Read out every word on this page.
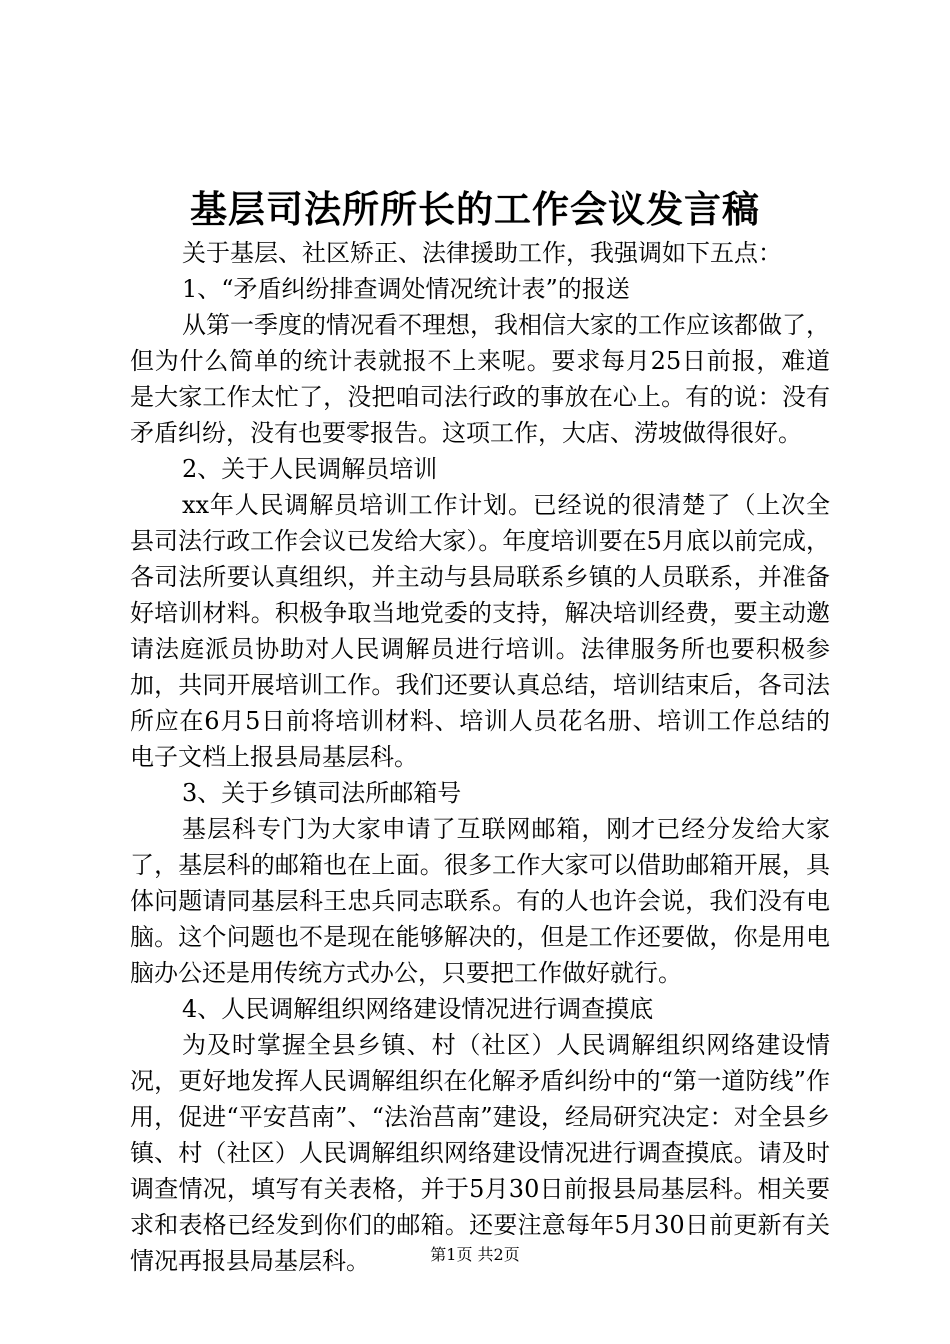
基层司法所所长的工作会议发言稿

关于基层、社区矫正、法律援助工作，我强调如下五点：

1、“矛盾纠纷排查调处情况统计表”的报送

从第一季度的情况看不理想，我相信大家的工作应该都做了，但为什么简单的统计表就报不上来呢。要求每月25日前报，难道是大家工作太忙了，没把咱司法行政的事放在心上。有的说：没有矛盾纠纷，没有也要零报告。这项工作，大店、涝坡做得很好。

2、关于人民调解员培训

xx年人民调解员培训工作计划。已经说的很清楚了（上次全县司法行政工作会议已发给大家）。年度培训要在5月底以前完成，各司法所要认真组织，并主动与县局联系乡镇的人员联系，并准备好培训材料。积极争取当地党委的支持，解决培训经费，要主动邀请法庭派员协助对人民调解员进行培训。法律服务所也要积极参加，共同开展培训工作。我们还要认真总结，培训结束后，各司法所应在6月5日前将培训材料、培训人员花名册、培训工作总结的电子文档上报县局基层科。

3、关于乡镇司法所邮箱号

基层科专门为大家申请了互联网邮箱，刚才已经分发给大家了，基层科的邮箱也在上面。很多工作大家可以借助邮箱开展，具体问题请同基层科王忠兵同志联系。有的人也许会说，我们没有电脑。这个问题也不是现在能够解决的，但是工作还要做，你是用电脑办公还是用传统方式办公，只要把工作做好就行。

4、人民调解组织网络建设情况进行调查摸底

为及时掌握全县乡镇、村（社区）人民调解组织网络建设情况，更好地发挥人民调解组织在化解矛盾纠纷中的“第一道防线”作用，促进“平安莒南”、“法治莒南”建设，经局研究决定：对全县乡镇、村（社区）人民调解组织网络建设情况进行调查摸底。请及时调查情况，填写有关表格，并于5月30日前报县局基层科。相关要求和表格已经发到你们的邮箱。还要注意每年5月30日前更新有关情况再报县局基层科。	第1页 共2页
